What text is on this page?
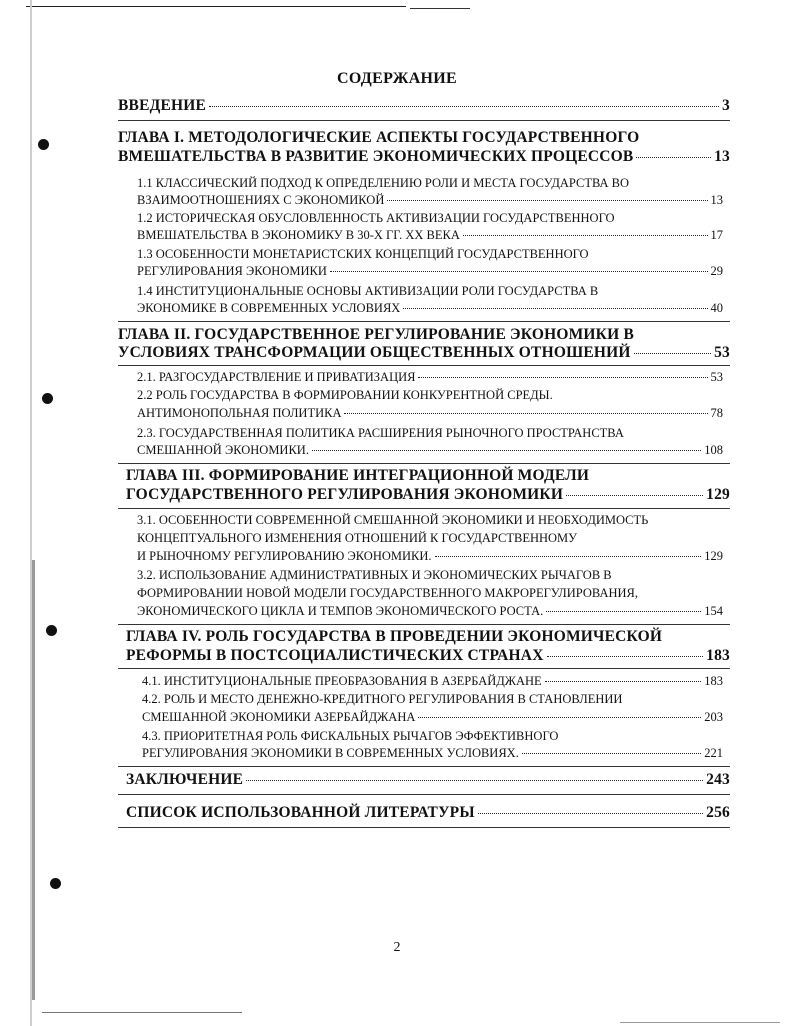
СОДЕРЖАНИЕ
ВВЕДЕНИЕ	3
ГЛАВА I. МЕТОДОЛОГИЧЕСКИЕ АСПЕКТЫ ГОСУДАРСТВЕННОГО
ВМЕШАТЕЛЬСТВА В РАЗВИТИЕ ЭКОНОМИЧЕСКИХ ПРОЦЕССОВ	13
1.1 КЛАССИЧЕСКИЙ ПОДХОД К ОПРЕДЕЛЕНИЮ РОЛИ И МЕСТА ГОСУДАРСТВА ВО
ВЗАИМООТНОШЕНИЯХ С ЭКОНОМИКОЙ	13
1.2 ИСТОРИЧЕСКАЯ ОБУСЛОВЛЕННОСТЬ АКТИВИЗАЦИИ ГОСУДАРСТВЕННОГО
ВМЕШАТЕЛЬСТВА В ЭКОНОМИКУ В 30-Х ГГ. XX ВЕКА	17
1.3 ОСОБЕННОСТИ МОНЕТАРИСТСКИХ КОНЦЕПЦИЙ ГОСУДАРСТВЕННОГО
РЕГУЛИРОВАНИЯ ЭКОНОМИКИ	29
1.4 ИНСТИТУЦИОНАЛЬНЫЕ ОСНОВЫ АКТИВИЗАЦИИ РОЛИ ГОСУДАРСТВА В
ЭКОНОМИКЕ В СОВРЕМЕННЫХ УСЛОВИЯХ	40
ГЛАВА II. ГОСУДАРСТВЕННОЕ РЕГУЛИРОВАНИЕ ЭКОНОМИКИ В
УСЛОВИЯХ ТРАНСФОРМАЦИИ ОБЩЕСТВЕННЫХ ОТНОШЕНИЙ	53
2.1. РАЗГОСУДАРСТВЛЕНИЕ И ПРИВАТИЗАЦИЯ	53
2.2 РОЛЬ ГОСУДАРСТВА В ФОРМИРОВАНИИ КОНКУРЕНТНОЙ СРЕДЫ.
АНТИМОНОПОЛЬНАЯ ПОЛИТИКА	78
2.3. ГОСУДАРСТВЕННАЯ ПОЛИТИКА РАСШИРЕНИЯ РЫНОЧНОГО ПРОСТРАНСТВА
СМЕШАННОЙ ЭКОНОМИКИ.	108
ГЛАВА III. ФОРМИРОВАНИЕ ИНТЕГРАЦИОННОЙ МОДЕЛИ
ГОСУДАРСТВЕННОГО РЕГУЛИРОВАНИЯ ЭКОНОМИКИ	129
3.1. ОСОБЕННОСТИ СОВРЕМЕННОЙ СМЕШАННОЙ ЭКОНОМИКИ И НЕОБХОДИМОСТЬ
КОНЦЕПТУАЛЬНОГО ИЗМЕНЕНИЯ ОТНОШЕНИЙ К ГОСУДАРСТВЕННОМУ
И РЫНОЧНОМУ РЕГУЛИРОВАНИЮ ЭКОНОМИКИ.	129
3.2. ИСПОЛЬЗОВАНИЕ АДМИНИСТРАТИВНЫХ И ЭКОНОМИЧЕСКИХ РЫЧАГОВ В
ФОРМИРОВАНИИ НОВОЙ МОДЕЛИ ГОСУДАРСТВЕННОГО МАКРОРЕГУЛИРОВАНИЯ,
ЭКОНОМИЧЕСКОГО ЦИКЛА И ТЕМПОВ ЭКОНОМИЧЕСКОГО РОСТА.	154
ГЛАВА IV. РОЛЬ ГОСУДАРСТВА В ПРОВЕДЕНИИ ЭКОНОМИЧЕСКОЙ
РЕФОРМЫ В ПОСТСОЦИАЛИСТИЧЕСКИХ СТРАНАХ	183
4.1. ИНСТИТУЦИОНАЛЬНЫЕ ПРЕОБРАЗОВАНИЯ В АЗЕРБАЙДЖАНЕ	183
4.2. РОЛЬ И МЕСТО ДЕНЕЖНО-КРЕДИТНОГО РЕГУЛИРОВАНИЯ В СТАНОВЛЕНИИ
СМЕШАННОЙ ЭКОНОМИКИ АЗЕРБАЙДЖАНА	203
4.3. ПРИОРИТЕТНАЯ РОЛЬ ФИСКАЛЬНЫХ РЫЧАГОВ ЭФФЕКТИВНОГО
РЕГУЛИРОВАНИЯ ЭКОНОМИКИ В СОВРЕМЕННЫХ УСЛОВИЯХ.	221
ЗАКЛЮЧЕНИЕ	243
СПИСОК ИСПОЛЬЗОВАННОЙ ЛИТЕРАТУРЫ	256
2
